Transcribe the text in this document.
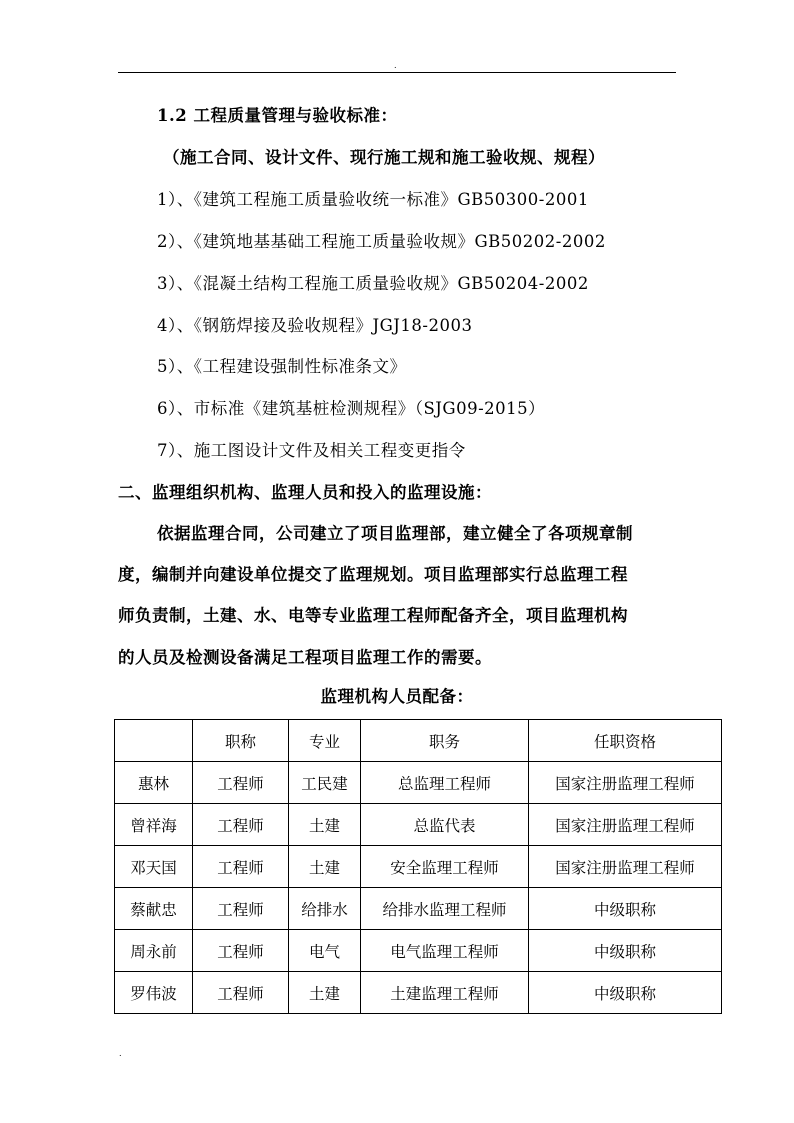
.
1.2 工程质量管理与验收标准：
（施工合同、设计文件、现行施工规和施工验收规、规程）
1）、《建筑工程施工质量验收统一标准》GB50300-2001
2）、《建筑地基基础工程施工质量验收规》GB50202-2002
3）、《混凝土结构工程施工质量验收规》GB50204-2002
4）、《钢筋焊接及验收规程》JGJ18-2003
5）、《工程建设强制性标准条文》
6）、市标准《建筑基桩检测规程》（SJG09-2015）
7）、施工图设计文件及相关工程变更指令
二、监理组织机构、监理人员和投入的监理设施：
依据监理合同，公司建立了项目监理部，建立健全了各项规章制
度，编制并向建设单位提交了监理规划。项目监理部实行总监理工程
师负责制，土建、水、电等专业监理工程师配备齐全，项目监理机构
的人员及检测设备满足工程项目监理工作的需要。
监理机构人员配备：
	职称	专业	职务	任职资格
惠林	工程师	工民建	总监理工程师	国家注册监理工程师
曾祥海	工程师	土建	总监代表	国家注册监理工程师
邓天国	工程师	土建	安全监理工程师	国家注册监理工程师
蔡献忠	工程师	给排水	给排水监理工程师	中级职称
周永前	工程师	电气	电气监理工程师	中级职称
罗伟波	工程师	土建	土建监理工程师	中级职称
.
